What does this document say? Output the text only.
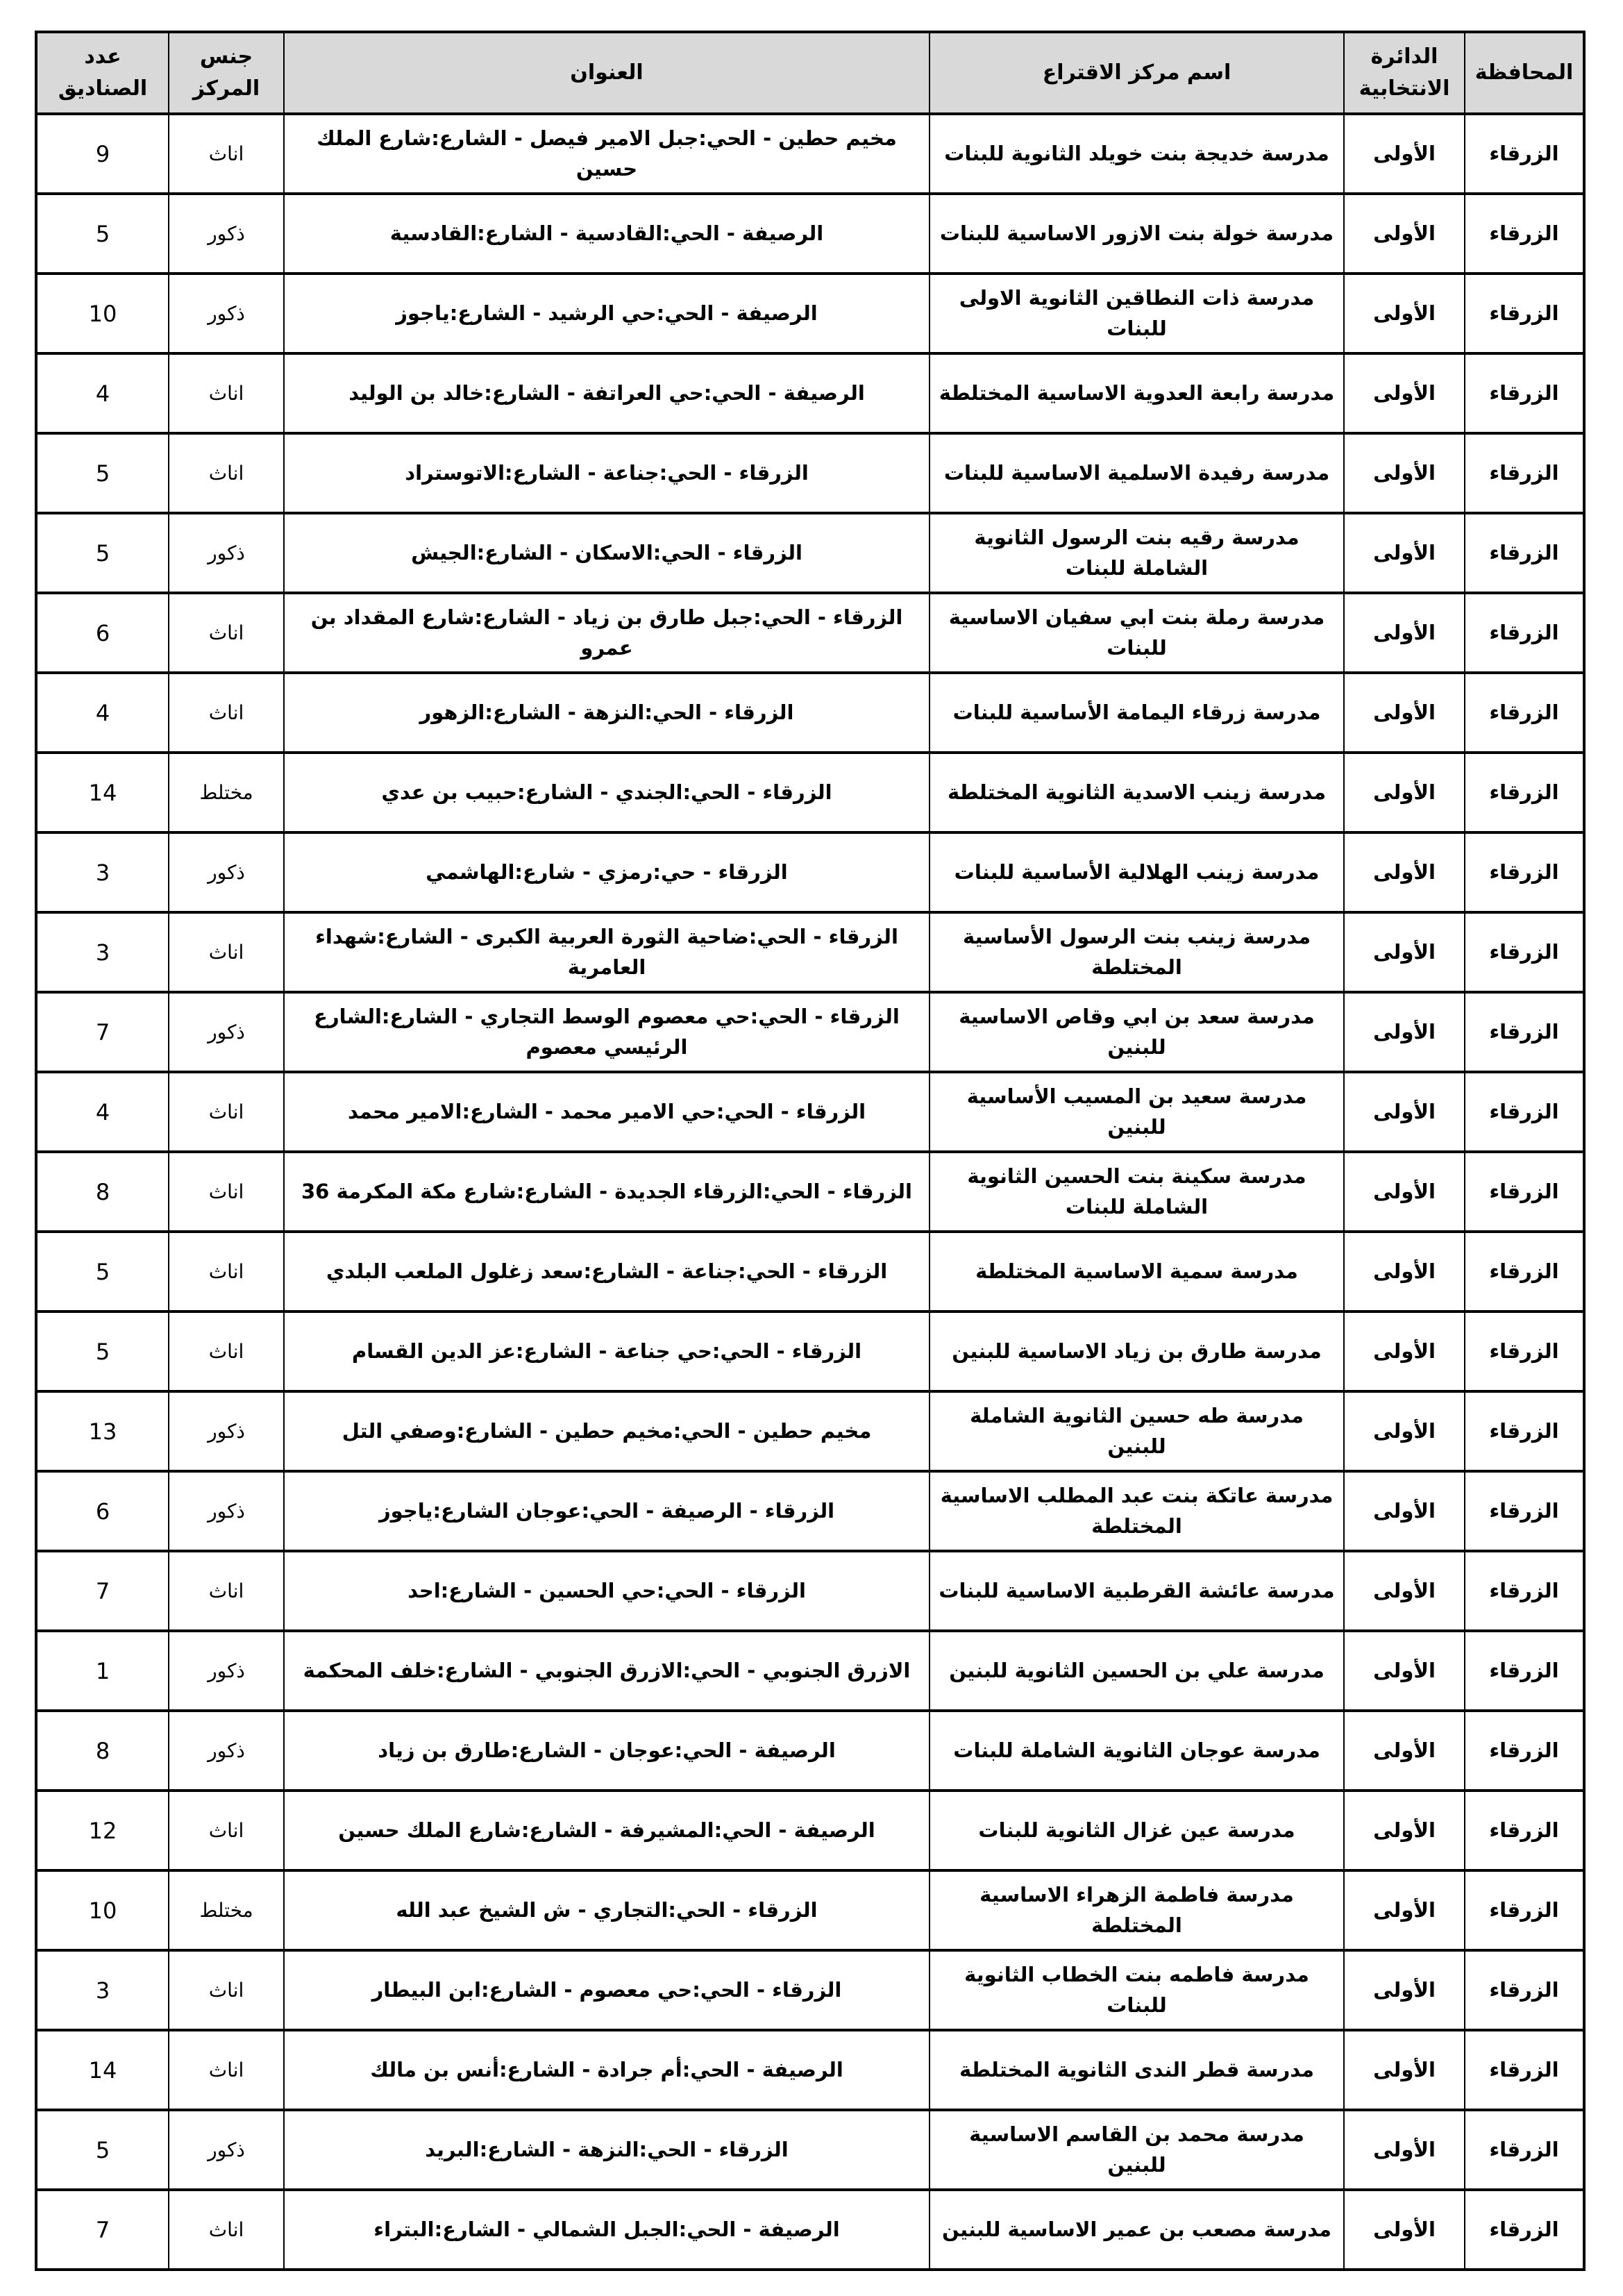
المحافظة	الدائرة الانتخابية	اسم مركز الاقتراع	العنوان	جنس المركز	عدد الصناديق
الزرقاء	الأولى	مدرسة خديجة بنت خويلد الثانوية للبنات	مخيم حطين - الحي:جبل الامير فيصل - الشارع:شارع الملك حسين	اناث	9
الزرقاء	الأولى	مدرسة خولة بنت الازور الاساسية للبنات	الرصيفة - الحي:القادسية - الشارع:القادسية	ذكور	5
الزرقاء	الأولى	مدرسة ذات النطاقين الثانوية الاولى للبنات	الرصيفة - الحي:حي الرشيد - الشارع:ياجوز	ذكور	10
الزرقاء	الأولى	مدرسة رابعة العدوية الاساسية المختلطة	الرصيفة - الحي:حي العراتفة - الشارع:خالد بن الوليد	اناث	4
الزرقاء	الأولى	مدرسة رفيدة الاسلمية الاساسية للبنات	الزرقاء - الحي:جناعة - الشارع:الاتوستراد	اناث	5
الزرقاء	الأولى	مدرسة رقيه بنت الرسول الثانوية الشاملة للبنات	الزرقاء - الحي:الاسكان - الشارع:الجيش	ذكور	5
الزرقاء	الأولى	مدرسة رملة بنت ابي سفيان الاساسية للبنات	الزرقاء - الحي:جبل طارق بن زياد - الشارع:شارع المقداد بن عمرو	اناث	6
الزرقاء	الأولى	مدرسة زرقاء اليمامة الأساسية للبنات	الزرقاء - الحي:النزهة - الشارع:الزهور	اناث	4
الزرقاء	الأولى	مدرسة زينب الاسدية الثانوية المختلطة	الزرقاء - الحي:الجندي - الشارع:حبيب بن عدي	مختلط	14
الزرقاء	الأولى	مدرسة زينب الهلالية الأساسية للبنات	الزرقاء - حي:رمزي - شارع:الهاشمي	ذكور	3
الزرقاء	الأولى	مدرسة زينب بنت الرسول الأساسية المختلطة	الزرقاء - الحي:ضاحية الثورة العربية الكبرى - الشارع:شهداء العامرية	اناث	3
الزرقاء	الأولى	مدرسة سعد بن ابي وقاص الاساسية للبنين	الزرقاء - الحي:حي معصوم الوسط التجاري - الشارع:الشارع الرئيسي معصوم	ذكور	7
الزرقاء	الأولى	مدرسة سعيد بن المسيب الأساسية للبنين	الزرقاء - الحي:حي الامير محمد - الشارع:الامير محمد	اناث	4
الزرقاء	الأولى	مدرسة سكينة بنت الحسين الثانوية الشاملة للبنات	الزرقاء - الحي:الزرقاء الجديدة - الشارع:شارع مكة المكرمة 36	اناث	8
الزرقاء	الأولى	مدرسة سمية الاساسية المختلطة	الزرقاء - الحي:جناعة - الشارع:سعد زغلول الملعب البلدي	اناث	5
الزرقاء	الأولى	مدرسة طارق بن زياد الاساسية للبنين	الزرقاء - الحي:حي جناعة - الشارع:عز الدين القسام	اناث	5
الزرقاء	الأولى	مدرسة طه حسين الثانوية الشاملة للبنين	مخيم حطين - الحي:مخيم حطين - الشارع:وصفي التل	ذكور	13
الزرقاء	الأولى	مدرسة عاتكة بنت عبد المطلب الاساسية المختلطة	الزرقاء - الرصيفة - الحي:عوجان الشارع:ياجوز	ذكور	6
الزرقاء	الأولى	مدرسة عائشة القرطبية الاساسية للبنات	الزرقاء - الحي:حي الحسين - الشارع:احد	اناث	7
الزرقاء	الأولى	مدرسة علي بن الحسين الثانوية للبنين	الازرق الجنوبي - الحي:الازرق الجنوبي - الشارع:خلف المحكمة	ذكور	1
الزرقاء	الأولى	مدرسة عوجان الثانوية الشاملة للبنات	الرصيفة - الحي:عوجان - الشارع:طارق بن زياد	ذكور	8
الزرقاء	الأولى	مدرسة عين غزال الثانوية للبنات	الرصيفة - الحي:المشيرفة - الشارع:شارع الملك حسين	اناث	12
الزرقاء	الأولى	مدرسة فاطمة الزهراء الاساسية المختلطة	الزرقاء - الحي:التجاري - ش الشيخ عبد الله	مختلط	10
الزرقاء	الأولى	مدرسة فاطمه بنت الخطاب الثانوية للبنات	الزرقاء - الحي:حي معصوم - الشارع:ابن البيطار	اناث	3
الزرقاء	الأولى	مدرسة قطر الندى الثانوية المختلطة	الرصيفة - الحي:أم جرادة - الشارع:أنس بن مالك	اناث	14
الزرقاء	الأولى	مدرسة محمد بن القاسم الاساسية للبنين	الزرقاء - الحي:النزهة - الشارع:البريد	ذكور	5
الزرقاء	الأولى	مدرسة مصعب بن عمير الاساسية للبنين	الرصيفة - الحي:الجبل الشمالي - الشارع:البتراء	اناث	7
